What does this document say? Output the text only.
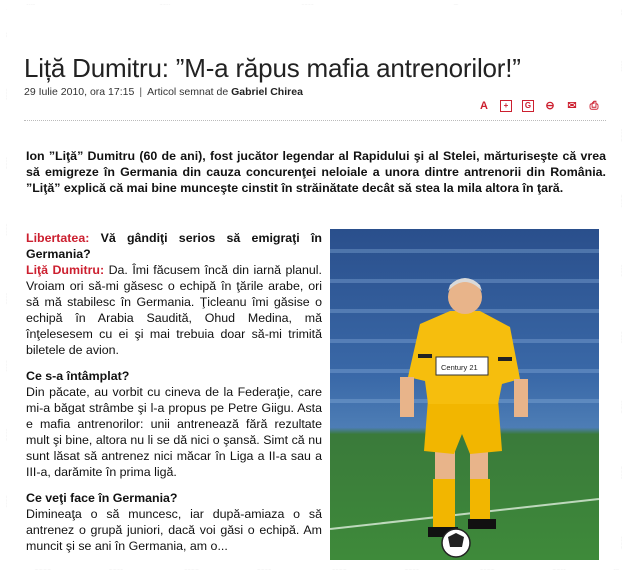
Liță Dumitru: ”M-a răpus mafia antrenorilor!”
29 Iulie 2010, ora 17:15 | Articol semnat de Gabriel Chirea
A	+	G ⊖ ✉ ⎙
Ion ”Liţă” Dumitru (60 de ani), fost jucător legendar al Rapidului şi al Stelei, mărturiseşte că vrea să emigreze în Germania din cauza concurenţei neloiale a unora dintre antrenorii din România. ”Liţă” explică că mai bine munceşte cinstit în străinătate decât să stea la mila altora în ţară.

Libertatea: Vă gândiţi serios să emigraţi în Germania?
Liţă Dumitru: Da. Îmi făcusem încă din iarnă planul. Vroiam ori să-mi găsesc o echipă în ţările arabe, ori să mă stabilesc în Germania. Ţicleanu îmi găsise o echipă în Arabia Saudită, Ohud Medina, mă înţelesesem cu ei şi mai trebuia doar să-mi trimită biletele de avion.

Ce s-a întâmplat?
Din păcate, au vorbit cu cineva de la Federaţie, care mi-a băgat strâmbe şi l-a propus pe Petre Giigu. Asta e mafia antrenorilor: unii antrenează fără rezultate mult şi bine, altora nu li se dă nici o şansă. Simt că nu sunt lăsat să antrenez nici măcar în Liga a II-a sau a III-a, darămite în prima ligă.

Ce veţi face în Germania?
Dimineaţa o să muncesc, iar după-amiaza o să antrenez o grupă juniori, dacă voi găsi o echipă. Am muncit şi se ani în Germania, am o...

Century 21
